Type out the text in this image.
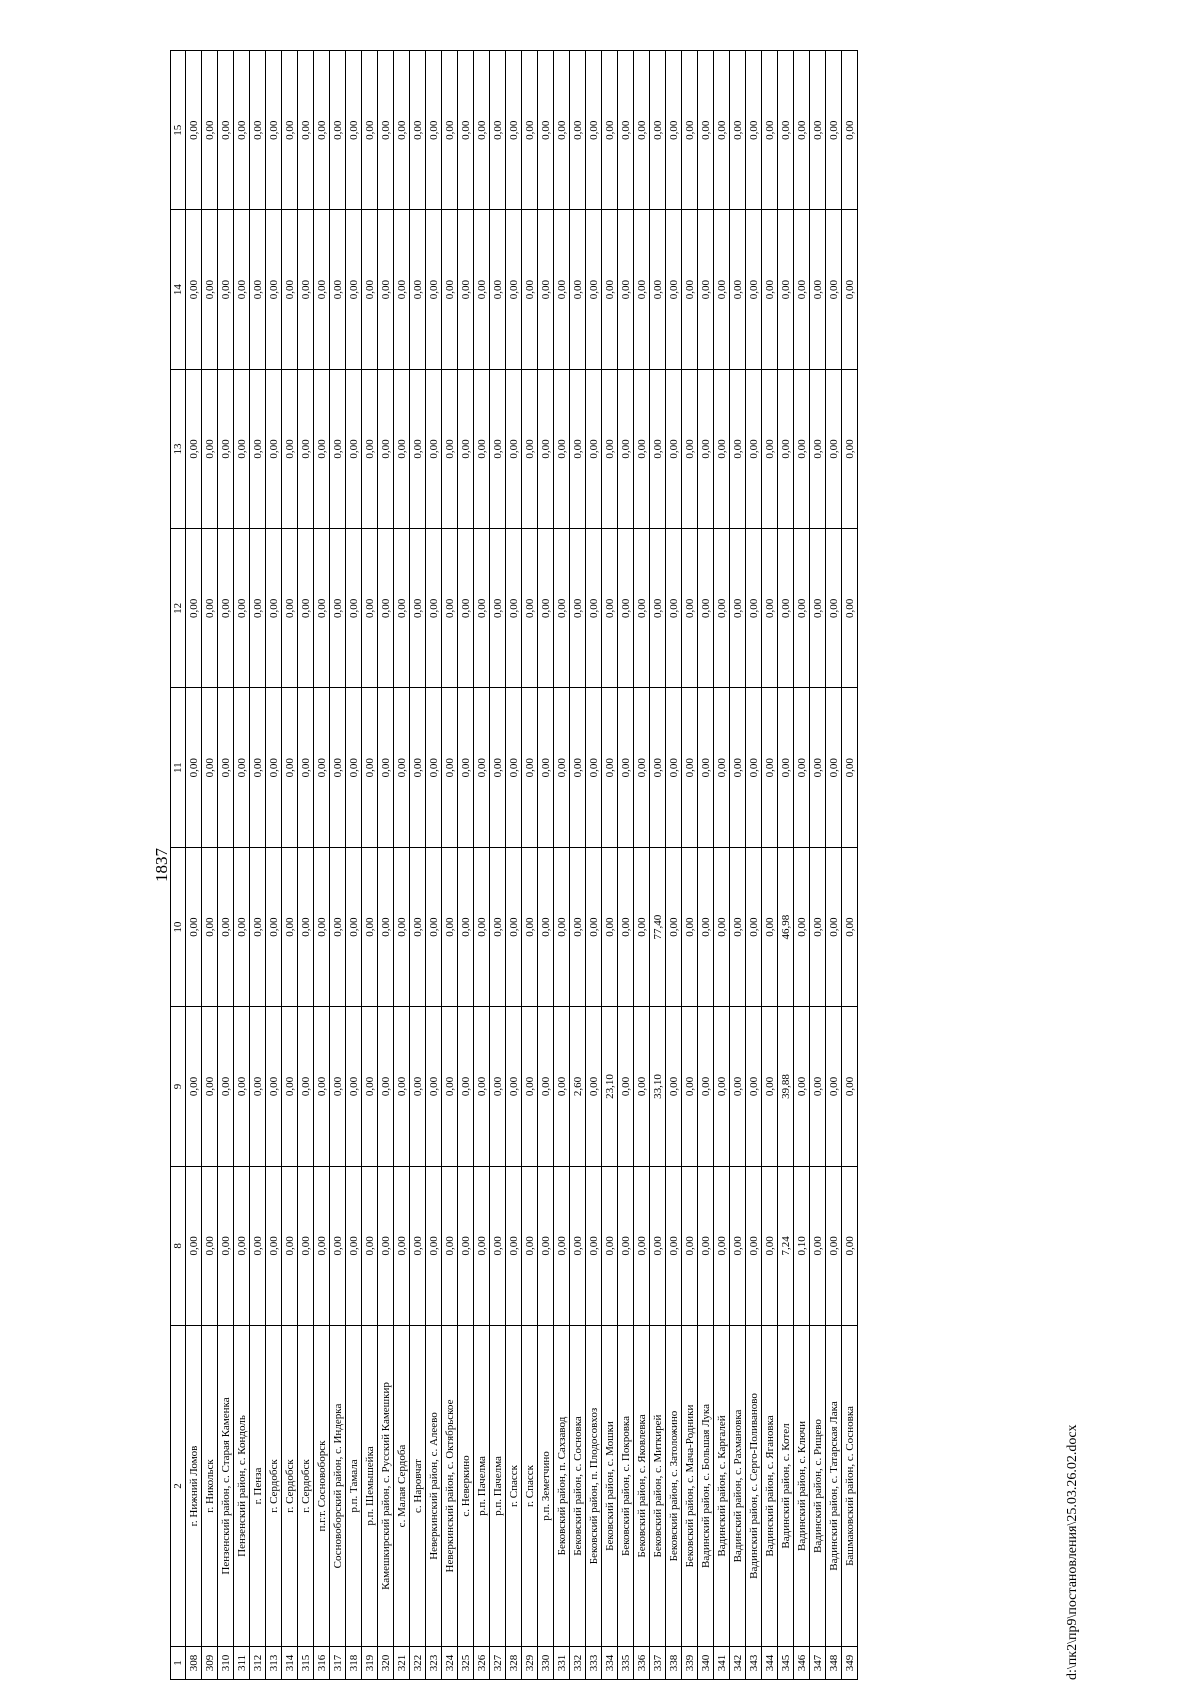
1837
1	2	8	9	10	11	12	13	14	15
308	г. Нижний Ломов	0,00	0,00	0,00	0,00	0,00	0,00	0,00	0,00
309	г. Никольск	0,00	0,00	0,00	0,00	0,00	0,00	0,00	0,00
310	Пензенский район, с. Старая Каменка	0,00	0,00	0,00	0,00	0,00	0,00	0,00	0,00
311	Пензенский район, с. Кондоль	0,00	0,00	0,00	0,00	0,00	0,00	0,00	0,00
312	г. Пенза	0,00	0,00	0,00	0,00	0,00	0,00	0,00	0,00
313	г. Сердобск	0,00	0,00	0,00	0,00	0,00	0,00	0,00	0,00
314	г. Сердобск	0,00	0,00	0,00	0,00	0,00	0,00	0,00	0,00
315	г. Сердобск	0,00	0,00	0,00	0,00	0,00	0,00	0,00	0,00
316	п.г.т. Сосновоборск	0,00	0,00	0,00	0,00	0,00	0,00	0,00	0,00
317	Сосновоборский район, с. Индерка	0,00	0,00	0,00	0,00	0,00	0,00	0,00	0,00
318	р.п. Тамала	0,00	0,00	0,00	0,00	0,00	0,00	0,00	0,00
319	р.п. Шемышейка	0,00	0,00	0,00	0,00	0,00	0,00	0,00	0,00
320	Камешкирский район, с. Русский Камешкир	0,00	0,00	0,00	0,00	0,00	0,00	0,00	0,00
321	с. Малая Сердоба	0,00	0,00	0,00	0,00	0,00	0,00	0,00	0,00
322	с. Наровчат	0,00	0,00	0,00	0,00	0,00	0,00	0,00	0,00
323	Неверкинский район, с. Алеево	0,00	0,00	0,00	0,00	0,00	0,00	0,00	0,00
324	Неверкинский район, с. Октябрьское	0,00	0,00	0,00	0,00	0,00	0,00	0,00	0,00
325	с. Неверкино	0,00	0,00	0,00	0,00	0,00	0,00	0,00	0,00
326	р.п. Пачелма	0,00	0,00	0,00	0,00	0,00	0,00	0,00	0,00
327	р.п. Пачелма	0,00	0,00	0,00	0,00	0,00	0,00	0,00	0,00
328	г. Спасск	0,00	0,00	0,00	0,00	0,00	0,00	0,00	0,00
329	г. Спасск	0,00	0,00	0,00	0,00	0,00	0,00	0,00	0,00
330	р.п. Земетчино	0,00	0,00	0,00	0,00	0,00	0,00	0,00	0,00
331	Бековский район, п. Сахзавод	0,00	0,00	0,00	0,00	0,00	0,00	0,00	0,00
332	Бековский район, с. Сосновка	0,00	2,60	0,00	0,00	0,00	0,00	0,00	0,00
333	Бековский район, п. Плодосовхоз	0,00	0,00	0,00	0,00	0,00	0,00	0,00	0,00
334	Бековский район, с. Мошки	0,00	23,10	0,00	0,00	0,00	0,00	0,00	0,00
335	Бековский район, с. Покровка	0,00	0,00	0,00	0,00	0,00	0,00	0,00	0,00
336	Бековский район, с. Яковлевка	0,00	0,00	0,00	0,00	0,00	0,00	0,00	0,00
337	Бековский район, с. Миткирей	0,00	33,10	77,40	0,00	0,00	0,00	0,00	0,00
338	Бековский район, с. Затоложино	0,00	0,00	0,00	0,00	0,00	0,00	0,00	0,00
339	Бековский район, с. Мача-Родники	0,00	0,00	0,00	0,00	0,00	0,00	0,00	0,00
340	Вадинский район, с. Большая Лука	0,00	0,00	0,00	0,00	0,00	0,00	0,00	0,00
341	Вадинский район, с. Каргалей	0,00	0,00	0,00	0,00	0,00	0,00	0,00	0,00
342	Вадинский район, с. Рахмановка	0,00	0,00	0,00	0,00	0,00	0,00	0,00	0,00
343	Вадинский район, с. Серго-Поливаново	0,00	0,00	0,00	0,00	0,00	0,00	0,00	0,00
344	Вадинский район, с. Ягановка	0,00	0,00	0,00	0,00	0,00	0,00	0,00	0,00
345	Вадинский район, с. Котел	7,24	39,88	46,98	0,00	0,00	0,00	0,00	0,00
346	Вадинский район, с. Ключи	0,10	0,00	0,00	0,00	0,00	0,00	0,00	0,00
347	Вадинский район, с. Рищево	0,00	0,00	0,00	0,00	0,00	0,00	0,00	0,00
348	Вадинский район, с. Татарская Лака	0,00	0,00	0,00	0,00	0,00	0,00	0,00	0,00
349	Башмаковский район, с. Сосновка	0,00	0,00	0,00	0,00	0,00	0,00	0,00	0,00
d:\пк2\пр9\постановления\25.03.26.02.docx
